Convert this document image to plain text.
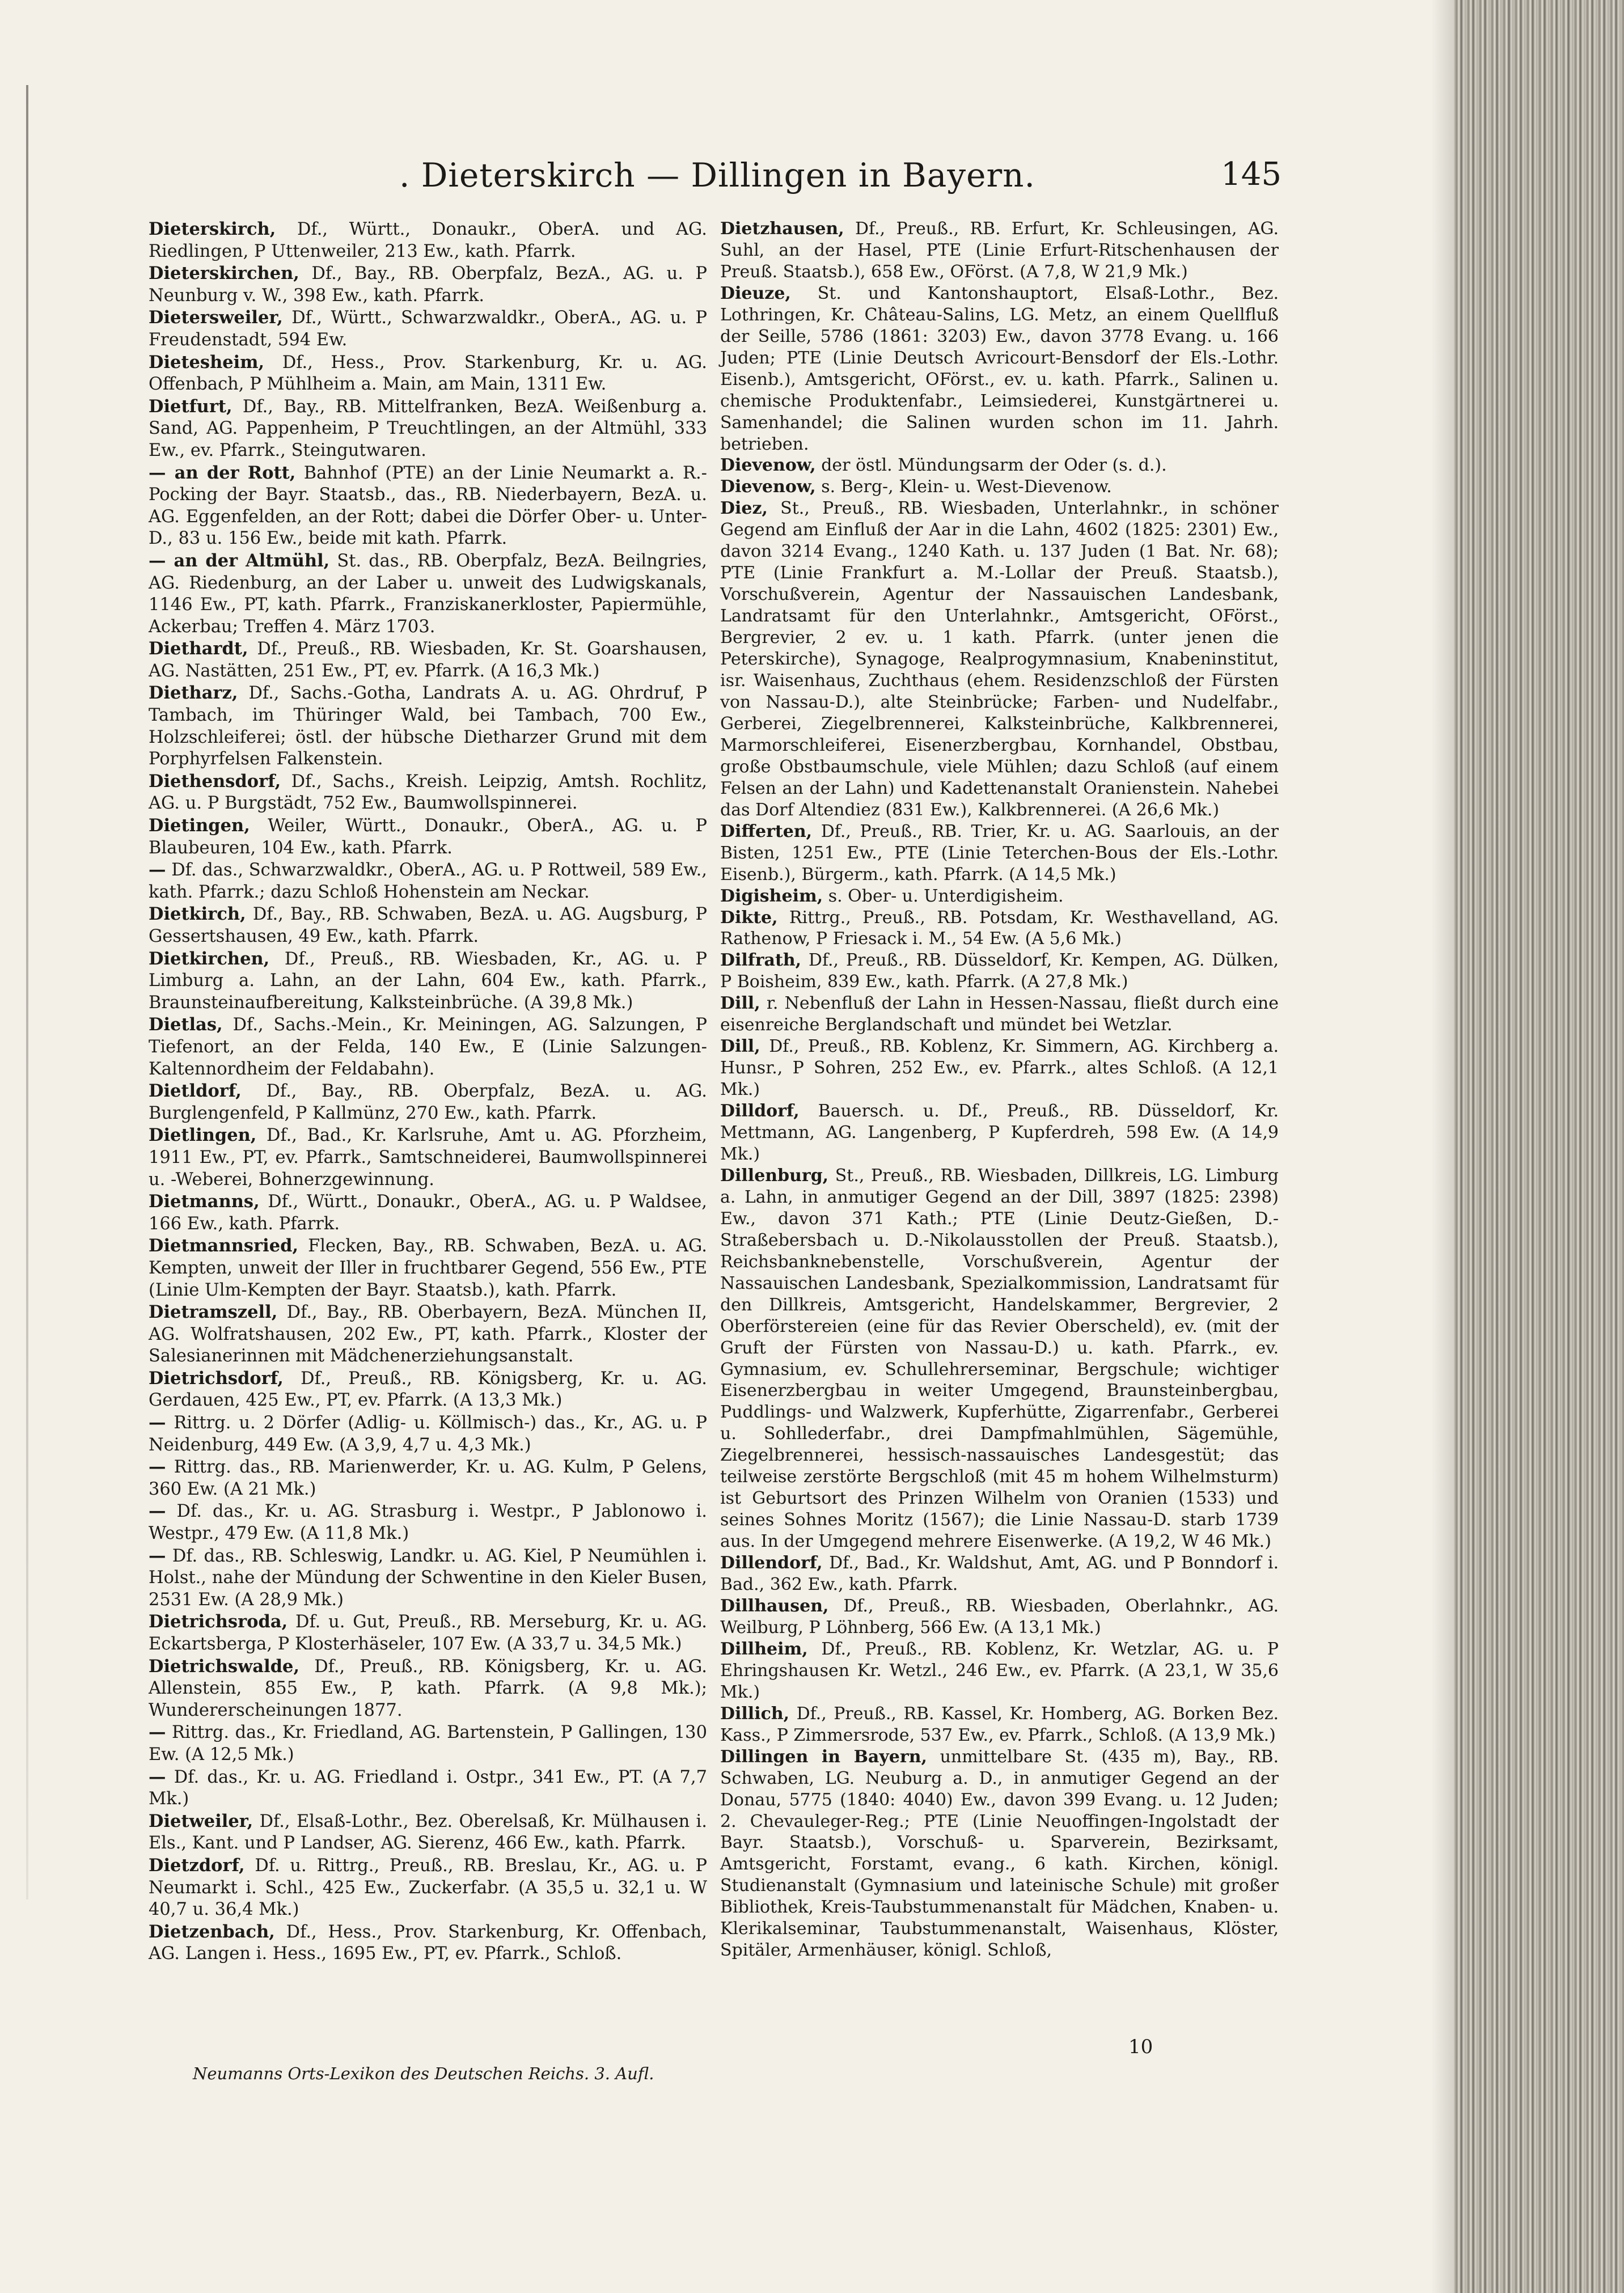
. Dieterskirch — Dillingen in Bayern.	145

Dieterskirch, Df., Württ., Donaukr., OberA. und AG. Riedlingen, P Uttenweiler, 213 Ew., kath. Pfarrk.

Dieterskirchen, Df., Bay., RB. Oberpfalz, BezA., AG. u. P Neunburg v. W., 398 Ew., kath. Pfarrk.

Dietersweiler, Df., Württ., Schwarzwaldkr., OberA., AG. u. P Freudenstadt, 594 Ew.

Dietesheim, Df., Hess., Prov. Starkenburg, Kr. u. AG. Offenbach, P Mühlheim a. Main, am Main, 1311 Ew.

Dietfurt, Df., Bay., RB. Mittelfranken, BezA. Weißenburg a. Sand, AG. Pappenheim, P Treuchtlingen, an der Altmühl, 333 Ew., ev. Pfarrk., Steingutwaren.

— an der Rott, Bahnhof (PTE) an der Linie Neumarkt a. R.-Pocking der Bayr. Staatsb., das., RB. Niederbayern, BezA. u. AG. Eggenfelden, an der Rott; dabei die Dörfer Ober- u. Unter-D., 83 u. 156 Ew., beide mit kath. Pfarrk.

— an der Altmühl, St. das., RB. Oberpfalz, BezA. Beilngries, AG. Riedenburg, an der Laber u. unweit des Ludwigskanals, 1146 Ew., PT, kath. Pfarrk., Franziskanerkloster, Papiermühle, Ackerbau; Treffen 4. März 1703.

Diethardt, Df., Preuß., RB. Wiesbaden, Kr. St. Goarshausen, AG. Nastätten, 251 Ew., PT, ev. Pfarrk. (A 16,3 Mk.)

Dietharz, Df., Sachs.-Gotha, Landrats A. u. AG. Ohrdruf, P Tambach, im Thüringer Wald, bei Tambach, 700 Ew., Holzschleiferei; östl. der hübsche Dietharzer Grund mit dem Porphyrfelsen Falkenstein.

Diethensdorf, Df., Sachs., Kreish. Leipzig, Amtsh. Rochlitz, AG. u. P Burgstädt, 752 Ew., Baumwollspinnerei.

Dietingen, Weiler, Württ., Donaukr., OberA., AG. u. P Blaubeuren, 104 Ew., kath. Pfarrk.

— Df. das., Schwarzwaldkr., OberA., AG. u. P Rottweil, 589 Ew., kath. Pfarrk.; dazu Schloß Hohenstein am Neckar.

Dietkirch, Df., Bay., RB. Schwaben, BezA. u. AG. Augsburg, P Gessertshausen, 49 Ew., kath. Pfarrk.

Dietkirchen, Df., Preuß., RB. Wiesbaden, Kr., AG. u. P Limburg a. Lahn, an der Lahn, 604 Ew., kath. Pfarrk., Braunsteinaufbereitung, Kalksteinbrüche. (A 39,8 Mk.)

Dietlas, Df., Sachs.-Mein., Kr. Meiningen, AG. Salzungen, P Tiefenort, an der Felda, 140 Ew., E (Linie Salzungen-Kaltennordheim der Feldabahn).

Dietldorf, Df., Bay., RB. Oberpfalz, BezA. u. AG. Burglengenfeld, P Kallmünz, 270 Ew., kath. Pfarrk.

Dietlingen, Df., Bad., Kr. Karlsruhe, Amt u. AG. Pforzheim, 1911 Ew., PT, ev. Pfarrk., Samtschneiderei, Baumwollspinnerei u. -Weberei, Bohnerzgewinnung.

Dietmanns, Df., Württ., Donaukr., OberA., AG. u. P Waldsee, 166 Ew., kath. Pfarrk.

Dietmannsried, Flecken, Bay., RB. Schwaben, BezA. u. AG. Kempten, unweit der Iller in fruchtbarer Gegend, 556 Ew., PTE (Linie Ulm-Kempten der Bayr. Staatsb.), kath. Pfarrk.

Dietramszell, Df., Bay., RB. Oberbayern, BezA. München II, AG. Wolfratshausen, 202 Ew., PT, kath. Pfarrk., Kloster der Salesianerinnen mit Mädchenerziehungsanstalt.

Dietrichsdorf, Df., Preuß., RB. Königsberg, Kr. u. AG. Gerdauen, 425 Ew., PT, ev. Pfarrk. (A 13,3 Mk.)

— Rittrg. u. 2 Dörfer (Adlig- u. Köllmisch-) das., Kr., AG. u. P Neidenburg, 449 Ew. (A 3,9, 4,7 u. 4,3 Mk.)

— Rittrg. das., RB. Marienwerder, Kr. u. AG. Kulm, P Gelens, 360 Ew. (A 21 Mk.)

— Df. das., Kr. u. AG. Strasburg i. Westpr., P Jablonowo i. Westpr., 479 Ew. (A 11,8 Mk.)

— Df. das., RB. Schleswig, Landkr. u. AG. Kiel, P Neumühlen i. Holst., nahe der Mündung der Schwentine in den Kieler Busen, 2531 Ew. (A 28,9 Mk.)

Dietrichsroda, Df. u. Gut, Preuß., RB. Merseburg, Kr. u. AG. Eckartsberga, P Klosterhäseler, 107 Ew. (A 33,7 u. 34,5 Mk.)

Dietrichswalde, Df., Preuß., RB. Königsberg, Kr. u. AG. Allenstein, 855 Ew., P, kath. Pfarrk. (A 9,8 Mk.); Wundererscheinungen 1877.

— Rittrg. das., Kr. Friedland, AG. Bartenstein, P Gallingen, 130 Ew. (A 12,5 Mk.)

— Df. das., Kr. u. AG. Friedland i. Ostpr., 341 Ew., PT. (A 7,7 Mk.)

Dietweiler, Df., Elsaß-Lothr., Bez. Oberelsaß, Kr. Mülhausen i. Els., Kant. und P Landser, AG. Sierenz, 466 Ew., kath. Pfarrk.

Dietzdorf, Df. u. Rittrg., Preuß., RB. Breslau, Kr., AG. u. P Neumarkt i. Schl., 425 Ew., Zuckerfabr. (A 35,5 u. 32,1 u. W 40,7 u. 36,4 Mk.)

Dietzenbach, Df., Hess., Prov. Starkenburg, Kr. Offenbach, AG. Langen i. Hess., 1695 Ew., PT, ev. Pfarrk., Schloß.

Dietzhausen, Df., Preuß., RB. Erfurt, Kr. Schleusingen, AG. Suhl, an der Hasel, PTE (Linie Erfurt-Ritschenhausen der Preuß. Staatsb.), 658 Ew., OFörst. (A 7,8, W 21,9 Mk.)

Dieuze, St. und Kantonshauptort, Elsaß-Lothr., Bez. Lothringen, Kr. Château-Salins, LG. Metz, an einem Quellfluß der Seille, 5786 (1861: 3203) Ew., davon 3778 Evang. u. 166 Juden; PTE (Linie Deutsch Avricourt-Bensdorf der Els.-Lothr. Eisenb.), Amtsgericht, OFörst., ev. u. kath. Pfarrk., Salinen u. chemische Produktenfabr., Leimsiederei, Kunstgärtnerei u. Samenhandel; die Salinen wurden schon im 11. Jahrh. betrieben.

Dievenow, der östl. Mündungsarm der Oder (s. d.).

Dievenow, s. Berg-, Klein- u. West-Dievenow.

Diez, St., Preuß., RB. Wiesbaden, Unterlahnkr., in schöner Gegend am Einfluß der Aar in die Lahn, 4602 (1825: 2301) Ew., davon 3214 Evang., 1240 Kath. u. 137 Juden (1 Bat. Nr. 68); PTE (Linie Frankfurt a. M.-Lollar der Preuß. Staatsb.), Vorschußverein, Agentur der Nassauischen Landesbank, Landratsamt für den Unterlahnkr., Amtsgericht, OFörst., Bergrevier, 2 ev. u. 1 kath. Pfarrk. (unter jenen die Peterskirche), Synagoge, Realprogymnasium, Knabeninstitut, isr. Waisenhaus, Zuchthaus (ehem. Residenzschloß der Fürsten von Nassau-D.), alte Steinbrücke; Farben- und Nudelfabr., Gerberei, Ziegelbrennerei, Kalksteinbrüche, Kalkbrennerei, Marmorschleiferei, Eisenerzbergbau, Kornhandel, Obstbau, große Obstbaumschule, viele Mühlen; dazu Schloß (auf einem Felsen an der Lahn) und Kadettenanstalt Oranienstein. Nahebei das Dorf Altendiez (831 Ew.), Kalkbrennerei. (A 26,6 Mk.)

Differten, Df., Preuß., RB. Trier, Kr. u. AG. Saarlouis, an der Bisten, 1251 Ew., PTE (Linie Teterchen-Bous der Els.-Lothr. Eisenb.), Bürgerm., kath. Pfarrk. (A 14,5 Mk.)

Digisheim, s. Ober- u. Unterdigisheim.

Dikte, Rittrg., Preuß., RB. Potsdam, Kr. Westhavelland, AG. Rathenow, P Friesack i. M., 54 Ew. (A 5,6 Mk.)

Dilfrath, Df., Preuß., RB. Düsseldorf, Kr. Kempen, AG. Dülken, P Boisheim, 839 Ew., kath. Pfarrk. (A 27,8 Mk.)

Dill, r. Nebenfluß der Lahn in Hessen-Nassau, fließt durch eine eisenreiche Berglandschaft und mündet bei Wetzlar.

Dill, Df., Preuß., RB. Koblenz, Kr. Simmern, AG. Kirchberg a. Hunsr., P Sohren, 252 Ew., ev. Pfarrk., altes Schloß. (A 12,1 Mk.)

Dilldorf, Bauersch. u. Df., Preuß., RB. Düsseldorf, Kr. Mettmann, AG. Langenberg, P Kupferdreh, 598 Ew. (A 14,9 Mk.)

Dillenburg, St., Preuß., RB. Wiesbaden, Dillkreis, LG. Limburg a. Lahn, in anmutiger Gegend an der Dill, 3897 (1825: 2398) Ew., davon 371 Kath.; PTE (Linie Deutz-Gießen, D.-Straßebersbach u. D.-Nikolausstollen der Preuß. Staatsb.), Reichsbanknebenstelle, Vorschußverein, Agentur der Nassauischen Landesbank, Spezialkommission, Landratsamt für den Dillkreis, Amtsgericht, Handelskammer, Bergrevier, 2 Oberförstereien (eine für das Revier Oberscheld), ev. (mit der Gruft der Fürsten von Nassau-D.) u. kath. Pfarrk., ev. Gymnasium, ev. Schullehrerseminar, Bergschule; wichtiger Eisenerzbergbau in weiter Umgegend, Braunsteinbergbau, Puddlings- und Walzwerk, Kupferhütte, Zigarrenfabr., Gerberei u. Sohllederfabr., drei Dampfmahlmühlen, Sägemühle, Ziegelbrennerei, hessisch-nassauisches Landesgestüt; das teilweise zerstörte Bergschloß (mit 45 m hohem Wilhelmsturm) ist Geburtsort des Prinzen Wilhelm von Oranien (1533) und seines Sohnes Moritz (1567); die Linie Nassau-D. starb 1739 aus. In der Umgegend mehrere Eisenwerke. (A 19,2, W 46 Mk.)

Dillendorf, Df., Bad., Kr. Waldshut, Amt, AG. und P Bonndorf i. Bad., 362 Ew., kath. Pfarrk.

Dillhausen, Df., Preuß., RB. Wiesbaden, Oberlahnkr., AG. Weilburg, P Löhnberg, 566 Ew. (A 13,1 Mk.)

Dillheim, Df., Preuß., RB. Koblenz, Kr. Wetzlar, AG. u. P Ehringshausen Kr. Wetzl., 246 Ew., ev. Pfarrk. (A 23,1, W 35,6 Mk.)

Dillich, Df., Preuß., RB. Kassel, Kr. Homberg, AG. Borken Bez. Kass., P Zimmersrode, 537 Ew., ev. Pfarrk., Schloß. (A 13,9 Mk.)

Dillingen in Bayern, unmittelbare St. (435 m), Bay., RB. Schwaben, LG. Neuburg a. D., in anmutiger Gegend an der Donau, 5775 (1840: 4040) Ew., davon 399 Evang. u. 12 Juden; 2. Chevauleger-Reg.; PTE (Linie Neuoffingen-Ingolstadt der Bayr. Staatsb.), Vorschuß- u. Sparverein, Bezirksamt, Amtsgericht, Forstamt, evang., 6 kath. Kirchen, königl. Studienanstalt (Gymnasium und lateinische Schule) mit großer Bibliothek, Kreis-Taubstummenanstalt für Mädchen, Knaben- u. Klerikalseminar, Taubstummenanstalt, Waisenhaus, Klöster, Spitäler, Armenhäuser, königl. Schloß,

Neumanns Orts-Lexikon des Deutschen Reichs. 3. Aufl.
10
